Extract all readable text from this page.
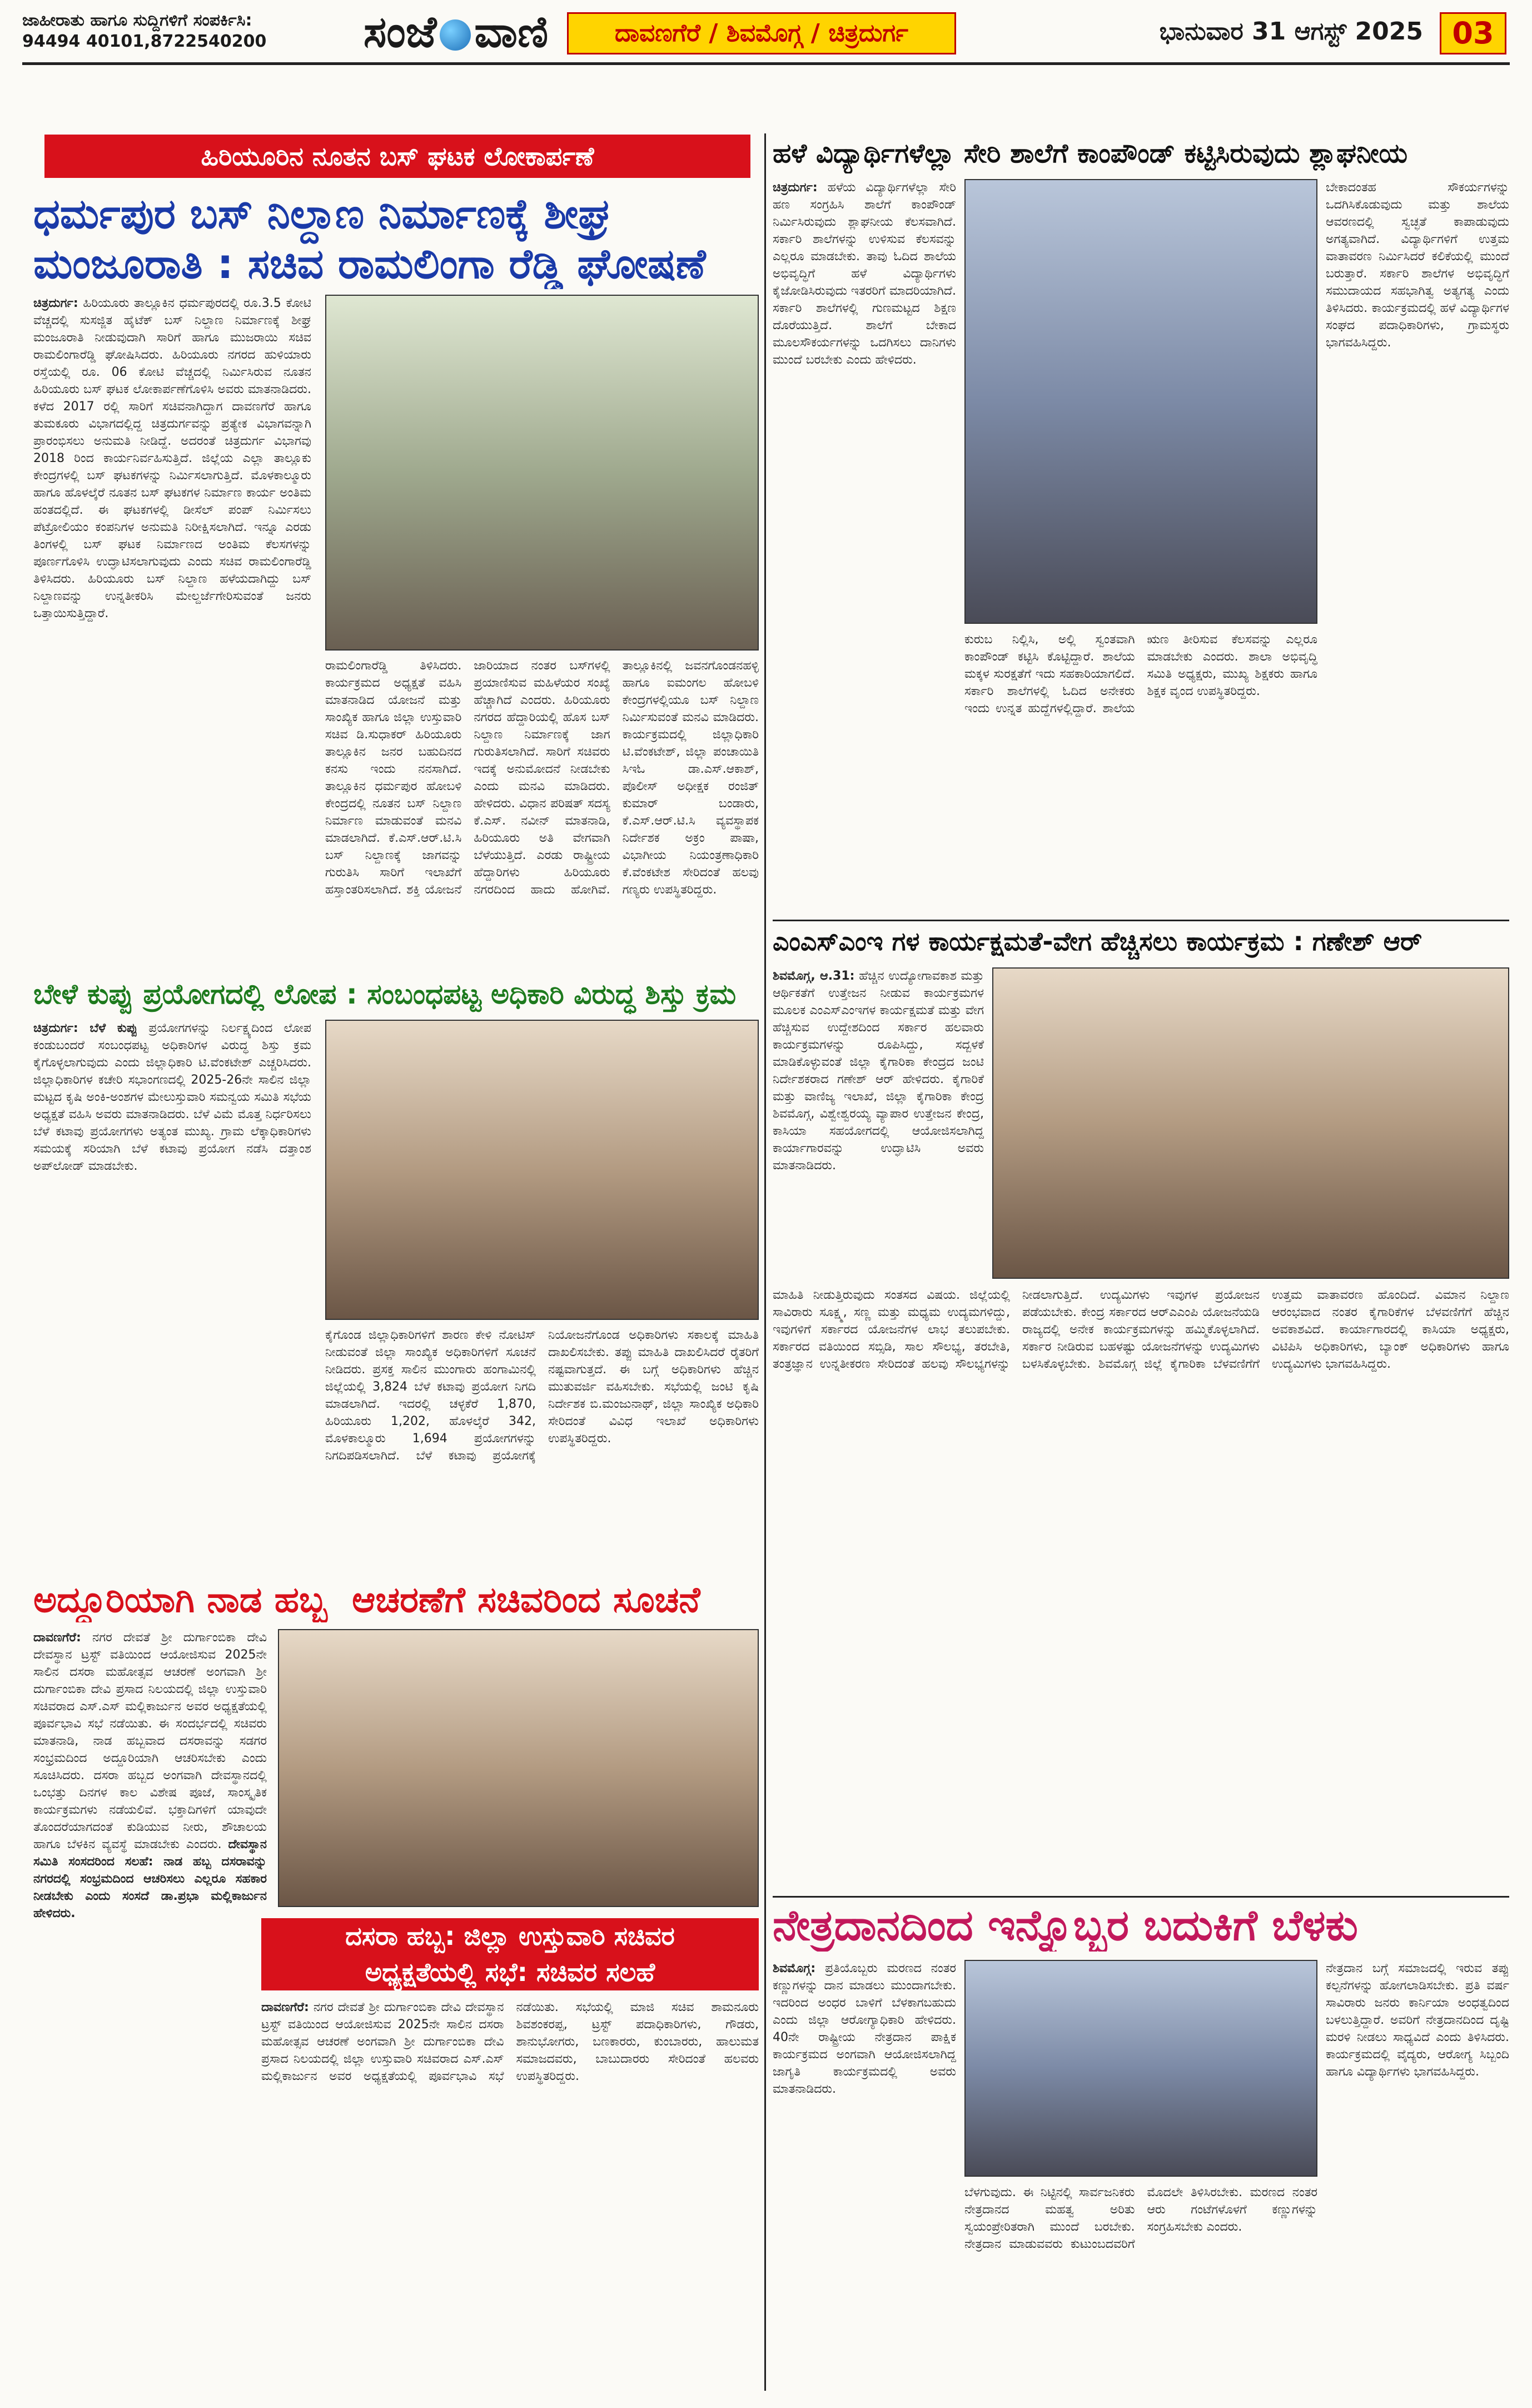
ಜಾಹೀರಾತು ಹಾಗೂ ಸುದ್ದಿಗಳಿಗೆ ಸಂಪರ್ಕಿಸಿ:
94494 40101,8722540200	ಸಂಜೆ ವಾಣಿ	ದಾವಣಗೆರೆ / ಶಿವಮೊಗ್ಗ / ಚಿತ್ರದುರ್ಗ	ಭಾನುವಾರ 31 ಆಗಸ್ಟ್ 2025 03
ಹಿರಿಯೂರಿನ ನೂತನ ಬಸ್ ಘಟಕ ಲೋಕಾರ್ಪಣೆ
ಧರ್ಮಪುರ ಬಸ್ ನಿಲ್ದಾಣ ನಿರ್ಮಾಣಕ್ಕೆ ಶೀಘ್ರ
ಮಂಜೂರಾತಿ : ಸಚಿವ ರಾಮಲಿಂಗಾ ರೆಡ್ಡಿ ಘೋಷಣೆ
ಚಿತ್ರದುರ್ಗ: ಹಿರಿಯೂರು ತಾಲ್ಲೂಕಿನ ಧರ್ಮಪುರದಲ್ಲಿ ರೂ.3.5 ಕೋಟಿ ವೆಚ್ಚದಲ್ಲಿ ಸುಸಜ್ಜಿತ ಹೈಟೆಕ್ ಬಸ್ ನಿಲ್ದಾಣ ನಿರ್ಮಾಣಕ್ಕೆ ಶೀಘ್ರ ಮಂಜೂರಾತಿ ನೀಡುವುದಾಗಿ ಸಾರಿಗೆ ಹಾಗೂ ಮುಜರಾಯಿ ಸಚಿವ ರಾಮಲಿಂಗಾರೆಡ್ಡಿ ಘೋಷಿಸಿದರು. ಹಿರಿಯೂರು ನಗರದ ಹುಳಿಯಾರು ರಸ್ತೆಯಲ್ಲಿ ರೂ. 06 ಕೋಟಿ ವೆಚ್ಚದಲ್ಲಿ ನಿರ್ಮಿಸಿರುವ ನೂತನ ಹಿರಿಯೂರು ಬಸ್ ಘಟಕ ಲೋಕಾರ್ಪಣೆಗೊಳಿಸಿ ಅವರು ಮಾತನಾಡಿದರು. ಕಳೆದ 2017 ರಲ್ಲಿ ಸಾರಿಗೆ ಸಚಿವನಾಗಿದ್ದಾಗ ದಾವಣಗೆರೆ ಹಾಗೂ ತುಮಕೂರು ವಿಭಾಗದಲ್ಲಿದ್ದ ಚಿತ್ರದುರ್ಗವನ್ನು ಪ್ರತ್ಯೇಕ ವಿಭಾಗವನ್ನಾಗಿ ಪ್ರಾರಂಭಿಸಲು ಅನುಮತಿ ನೀಡಿದ್ದೆ. ಅದರಂತೆ ಚಿತ್ರದುರ್ಗ ವಿಭಾಗವು 2018 ರಿಂದ ಕಾರ್ಯನಿರ್ವಹಿಸುತ್ತಿದೆ. ಜಿಲ್ಲೆಯ ಎಲ್ಲಾ ತಾಲ್ಲೂಕು ಕೇಂದ್ರಗಳಲ್ಲಿ ಬಸ್ ಘಟಕಗಳನ್ನು ನಿರ್ಮಿಸಲಾಗುತ್ತಿದೆ. ಮೊಳಕಾಲ್ಮೂರು ಹಾಗೂ ಹೊಳಲ್ಕೆರೆ ನೂತನ ಬಸ್ ಘಟಕಗಳ ನಿರ್ಮಾಣ ಕಾರ್ಯ ಅಂತಿಮ ಹಂತದಲ್ಲಿದೆ. ಈ ಘಟಕಗಳಲ್ಲಿ ಡೀಸೆಲ್ ಪಂಪ್ ನಿರ್ಮಿಸಲು ಪೆಟ್ರೋಲಿಯಂ ಕಂಪನಿಗಳ ಅನುಮತಿ ನಿರೀಕ್ಷಿಸಲಾಗಿದೆ. ಇನ್ನೂ ಎರಡು ತಿಂಗಳಲ್ಲಿ ಬಸ್ ಘಟಕ ನಿರ್ಮಾಣದ ಅಂತಿಮ ಕೆಲಸಗಳನ್ನು ಪೂರ್ಣಗೊಳಿಸಿ ಉದ್ಘಾಟಿಸಲಾಗುವುದು ಎಂದು ಸಚಿವ ರಾಮಲಿಂಗಾರೆಡ್ಡಿ ತಿಳಿಸಿದರು. ಹಿರಿಯೂರು ಬಸ್ ನಿಲ್ದಾಣ ಹಳೆಯದಾಗಿದ್ದು ಬಸ್ ನಿಲ್ದಾಣವನ್ನು ಉನ್ನತೀಕರಿಸಿ ಮೇಲ್ದರ್ಜೆಗೇರಿಸುವಂತೆ ಜನರು ಒತ್ತಾಯಿಸುತ್ತಿದ್ದಾರೆ.
ರಾಮಲಿಂಗಾರೆಡ್ಡಿ ತಿಳಿಸಿದರು. ಕಾರ್ಯಕ್ರಮದ ಅಧ್ಯಕ್ಷತೆ ವಹಿಸಿ ಮಾತನಾಡಿದ ಯೋಜನೆ ಮತ್ತು ಸಾಂಖ್ಯಿಕ ಹಾಗೂ ಜಿಲ್ಲಾ ಉಸ್ತುವಾರಿ ಸಚಿವ ಡಿ.ಸುಧಾಕರ್ ಹಿರಿಯೂರು ತಾಲ್ಲೂಕಿನ ಜನರ ಬಹುದಿನದ ಕನಸು ಇಂದು ನನಸಾಗಿದೆ. ತಾಲ್ಲೂಕಿನ ಧರ್ಮಪುರ ಹೋಬಳಿ ಕೇಂದ್ರದಲ್ಲಿ ನೂತನ ಬಸ್ ನಿಲ್ದಾಣ ನಿರ್ಮಾಣ ಮಾಡುವಂತೆ ಮನವಿ ಮಾಡಲಾಗಿದೆ. ಕೆ.ಎಸ್.ಆರ್.ಟಿ.ಸಿ ಬಸ್ ನಿಲ್ದಾಣಕ್ಕೆ ಜಾಗವನ್ನು ಗುರುತಿಸಿ ಸಾರಿಗೆ ಇಲಾಖೆಗೆ ಹಸ್ತಾಂತರಿಸಲಾಗಿದೆ. ಶಕ್ತಿ ಯೋಜನೆ ಜಾರಿಯಾದ ನಂತರ ಬಸ್‍ಗಳಲ್ಲಿ ಪ್ರಯಾಣಿಸುವ ಮಹಿಳೆಯರ ಸಂಖ್ಯೆ ಹೆಚ್ಚಾಗಿದೆ ಎಂದರು. ಹಿರಿಯೂರು ನಗರದ ಹೆದ್ದಾರಿಯಲ್ಲಿ ಹೊಸ ಬಸ್ ನಿಲ್ದಾಣ ನಿರ್ಮಾಣಕ್ಕೆ ಜಾಗ ಗುರುತಿಸಲಾಗಿದೆ. ಸಾರಿಗೆ ಸಚಿವರು ಇದಕ್ಕೆ ಅನುಮೋದನೆ ನೀಡಬೇಕು ಎಂದು ಮನವಿ ಮಾಡಿದರು. ಹೇಳಿದರು. ವಿಧಾನ ಪರಿಷತ್ ಸದಸ್ಯ ಕೆ.ಎಸ್. ನವೀನ್ ಮಾತನಾಡಿ, ಹಿರಿಯೂರು ಅತಿ ವೇಗವಾಗಿ ಬೆಳೆಯುತ್ತಿದೆ. ಎರಡು ರಾಷ್ಟ್ರೀಯ ಹೆದ್ದಾರಿಗಳು ಹಿರಿಯೂರು ನಗರದಿಂದ ಹಾದು ಹೋಗಿವೆ. ತಾಲ್ಲೂಕಿನಲ್ಲಿ ಜವನಗೊಂಡನಹಳ್ಳಿ ಹಾಗೂ ಐಮಂಗಲ ಹೋಬಳಿ ಕೇಂದ್ರಗಳಲ್ಲಿಯೂ ಬಸ್ ನಿಲ್ದಾಣ ನಿರ್ಮಿಸುವಂತೆ ಮನವಿ ಮಾಡಿದರು. ಕಾರ್ಯಕ್ರಮದಲ್ಲಿ ಜಿಲ್ಲಾಧಿಕಾರಿ ಟಿ.ವೆಂಕಟೇಶ್, ಜಿಲ್ಲಾ ಪಂಚಾಯಿತಿ ಸಿಇಓ ಡಾ.ಎಸ್.ಆಕಾಶ್, ಪೊಲೀಸ್ ಅಧೀಕ್ಷಕ ರಂಜಿತ್ ಕುಮಾರ್ ಬಂಡಾರು, ಕೆ.ಎಸ್.ಆರ್.ಟಿ.ಸಿ ವ್ಯವಸ್ಥಾಪಕ ನಿರ್ದೇಶಕ ಅಕ್ರಂ ಪಾಷಾ, ವಿಭಾಗೀಯ ನಿಯಂತ್ರಣಾಧಿಕಾರಿ ಕೆ.ವೆಂಕಟೇಶ ಸೇರಿದಂತೆ ಹಲವು ಗಣ್ಯರು ಉಪಸ್ಥಿತರಿದ್ದರು.
ಬೇಳೆ ಕುಪ್ಪು ಪ್ರಯೋಗದಲ್ಲಿ ಲೋಪ : ಸಂಬಂಧಪಟ್ಟ ಅಧಿಕಾರಿ ವಿರುದ್ಧ ಶಿಸ್ತು ಕ್ರಮ
ಚಿತ್ರದುರ್ಗ: ಬೆಳೆ ಕುಪ್ಪು ಪ್ರಯೋಗಗಳನ್ನು ನಿರ್ಲಕ್ಷ್ಯದಿಂದ ಲೋಪ ಕಂಡುಬಂದರೆ ಸಂಬಂಧಪಟ್ಟ ಅಧಿಕಾರಿಗಳ ವಿರುದ್ಧ ಶಿಸ್ತು ಕ್ರಮ ಕೈಗೊಳ್ಳಲಾಗುವುದು ಎಂದು ಜಿಲ್ಲಾಧಿಕಾರಿ ಟಿ.ವೆಂಕಟೇಶ್ ಎಚ್ಚರಿಸಿದರು. ಜಿಲ್ಲಾಧಿಕಾರಿಗಳ ಕಚೇರಿ ಸಭಾಂಗಣದಲ್ಲಿ 2025-26ನೇ ಸಾಲಿನ ಜಿಲ್ಲಾ ಮಟ್ಟದ ಕೃಷಿ ಅಂಕಿ-ಅಂಶಗಳ ಮೇಲುಸ್ತುವಾರಿ ಸಮನ್ವಯ ಸಮಿತಿ ಸಭೆಯ ಅಧ್ಯಕ್ಷತೆ ವಹಿಸಿ ಅವರು ಮಾತನಾಡಿದರು. ಬೆಳೆ ವಿಮೆ ಮೊತ್ತ ನಿರ್ಧರಿಸಲು ಬೆಳೆ ಕಟಾವು ಪ್ರಯೋಗಗಳು ಅತ್ಯಂತ ಮುಖ್ಯ. ಗ್ರಾಮ ಲೆಕ್ಕಾಧಿಕಾರಿಗಳು ಸಮಯಕ್ಕೆ ಸರಿಯಾಗಿ ಬೆಳೆ ಕಟಾವು ಪ್ರಯೋಗ ನಡೆಸಿ ದತ್ತಾಂಶ ಅಪ್‍ಲೋಡ್ ಮಾಡಬೇಕು.
ಕೈಗೊಂಡ ಜಿಲ್ಲಾಧಿಕಾರಿಗಳಿಗೆ ಶಾರಣ ಕೇಳಿ ನೋಟಿಸ್ ನೀಡುವಂತೆ ಜಿಲ್ಲಾ ಸಾಂಖ್ಯಿಕ ಅಧಿಕಾರಿಗಳಿಗೆ ಸೂಚನೆ ನೀಡಿದರು. ಪ್ರಸಕ್ತ ಸಾಲಿನ ಮುಂಗಾರು ಹಂಗಾಮಿನಲ್ಲಿ ಜಿಲ್ಲೆಯಲ್ಲಿ 3,824 ಬೆಳೆ ಕಟಾವು ಪ್ರಯೋಗ ನಿಗದಿ ಮಾಡಲಾಗಿದೆ. ಇದರಲ್ಲಿ ಚಳ್ಳಕೆರೆ 1,870, ಹಿರಿಯೂರು 1,202, ಹೊಳಲ್ಕೆರೆ 342, ಮೊಳಕಾಲ್ಮೂರು 1,694 ಪ್ರಯೋಗಗಳನ್ನು ನಿಗದಿಪಡಿಸಲಾಗಿದೆ. ಬೆಳೆ ಕಟಾವು ಪ್ರಯೋಗಕ್ಕೆ ನಿಯೋಜನೆಗೊಂಡ ಅಧಿಕಾರಿಗಳು ಸಕಾಲಕ್ಕೆ ಮಾಹಿತಿ ದಾಖಲಿಸಬೇಕು. ತಪ್ಪು ಮಾಹಿತಿ ದಾಖಲಿಸಿದರೆ ರೈತರಿಗೆ ನಷ್ಟವಾಗುತ್ತದೆ. ಈ ಬಗ್ಗೆ ಅಧಿಕಾರಿಗಳು ಹೆಚ್ಚಿನ ಮುತುವರ್ಜಿ ವಹಿಸಬೇಕು. ಸಭೆಯಲ್ಲಿ ಜಂಟಿ ಕೃಷಿ ನಿರ್ದೇಶಕ ಬಿ.ಮಂಜುನಾಥ್, ಜಿಲ್ಲಾ ಸಾಂಖ್ಯಿಕ ಅಧಿಕಾರಿ ಸೇರಿದಂತೆ ವಿವಿಧ ಇಲಾಖೆ ಅಧಿಕಾರಿಗಳು ಉಪಸ್ಥಿತರಿದ್ದರು.
ಅದ್ದೂರಿಯಾಗಿ ನಾಡ ಹಬ್ಬ ಆಚರಣೆಗೆ ಸಚಿವರಿಂದ ಸೂಚನೆ
ದಾವಣಗೆರೆ: ನಗರ ದೇವತೆ ಶ್ರೀ ದುರ್ಗಾಂಬಿಕಾ ದೇವಿ ದೇವಸ್ಥಾನ ಟ್ರಸ್ಟ್ ವತಿಯಿಂದ ಆಯೋಜಿಸುವ 2025ನೇ ಸಾಲಿನ ದಸರಾ ಮಹೋತ್ಸವ ಆಚರಣೆ ಅಂಗವಾಗಿ ಶ್ರೀ ದುರ್ಗಾಂಬಿಕಾ ದೇವಿ ಪ್ರಸಾದ ನಿಲಯದಲ್ಲಿ ಜಿಲ್ಲಾ ಉಸ್ತುವಾರಿ ಸಚಿವರಾದ ಎಸ್.ಎಸ್ ಮಲ್ಲಿಕಾರ್ಜುನ ಅವರ ಅಧ್ಯಕ್ಷತೆಯಲ್ಲಿ ಪೂರ್ವಭಾವಿ ಸಭೆ ನಡೆಯಿತು. ಈ ಸಂದರ್ಭದಲ್ಲಿ ಸಚಿವರು ಮಾತನಾಡಿ, ನಾಡ ಹಬ್ಬವಾದ ದಸರಾವನ್ನು ಸಡಗರ ಸಂಭ್ರಮದಿಂದ ಅದ್ದೂರಿಯಾಗಿ ಆಚರಿಸಬೇಕು ಎಂದು ಸೂಚಿಸಿದರು. ದಸರಾ ಹಬ್ಬದ ಅಂಗವಾಗಿ ದೇವಸ್ಥಾನದಲ್ಲಿ ಒಂಭತ್ತು ದಿನಗಳ ಕಾಲ ವಿಶೇಷ ಪೂಜೆ, ಸಾಂಸ್ಕೃತಿಕ ಕಾರ್ಯಕ್ರಮಗಳು ನಡೆಯಲಿವೆ. ಭಕ್ತಾದಿಗಳಿಗೆ ಯಾವುದೇ ತೊಂದರೆಯಾಗದಂತೆ ಕುಡಿಯುವ ನೀರು, ಶೌಚಾಲಯ ಹಾಗೂ ಬೆಳಕಿನ ವ್ಯವಸ್ಥೆ ಮಾಡಬೇಕು ಎಂದರು. ದೇವಸ್ಥಾನ ಸಮಿತಿ ಸಂಸದರಿಂದ ಸಲಹೆ: ನಾಡ ಹಬ್ಬ ದಸರಾವನ್ನು ನಗರದಲ್ಲಿ ಸಂಭ್ರಮದಿಂದ ಆಚರಿಸಲು ಎಲ್ಲರೂ ಸಹಕಾರ ನೀಡಬೇಕು ಎಂದು ಸಂಸದೆ ಡಾ.ಪ್ರಭಾ ಮಲ್ಲಿಕಾರ್ಜುನ ಹೇಳಿದರು.
ದಸರಾ ಹಬ್ಬ: ಜಿಲ್ಲಾ ಉಸ್ತುವಾರಿ ಸಚಿವರ
ಅಧ್ಯಕ್ಷತೆಯಲ್ಲಿ ಸಭೆ: ಸಚಿವರ ಸಲಹೆ
ದಾವಣಗೆರೆ: ನಗರ ದೇವತೆ ಶ್ರೀ ದುರ್ಗಾಂಬಿಕಾ ದೇವಿ ದೇವಸ್ಥಾನ ಟ್ರಸ್ಟ್ ವತಿಯಿಂದ ಆಯೋಜಿಸುವ 2025ನೇ ಸಾಲಿನ ದಸರಾ ಮಹೋತ್ಸವ ಆಚರಣೆ ಅಂಗವಾಗಿ ಶ್ರೀ ದುರ್ಗಾಂಬಿಕಾ ದೇವಿ ಪ್ರಸಾದ ನಿಲಯದಲ್ಲಿ ಜಿಲ್ಲಾ ಉಸ್ತುವಾರಿ ಸಚಿವರಾದ ಎಸ್.ಎಸ್ ಮಲ್ಲಿಕಾರ್ಜುನ ಅವರ ಅಧ್ಯಕ್ಷತೆಯಲ್ಲಿ ಪೂರ್ವಭಾವಿ ಸಭೆ ನಡೆಯಿತು. ಸಭೆಯಲ್ಲಿ ಮಾಜಿ ಸಚಿವ ಶಾಮನೂರು ಶಿವಶಂಕರಪ್ಪ, ಟ್ರಸ್ಟ್ ಪದಾಧಿಕಾರಿಗಳು, ಗೌಡರು, ಶಾನುಭೋಗರು, ಬಣಕಾರರು, ಕುಂಬಾರರು, ಹಾಲುಮತ ಸಮಾಜದವರು, ಬಾಬುದಾರರು ಸೇರಿದಂತೆ ಹಲವರು ಉಪಸ್ಥಿತರಿದ್ದರು.
ಹಳೆ ವಿದ್ಯಾರ್ಥಿಗಳೆಲ್ಲಾ ಸೇರಿ ಶಾಲೆಗೆ ಕಾಂಪೌಂಡ್ ಕಟ್ಟಿಸಿರುವುದು ಶ್ಲಾಘನೀಯ
ಚಿತ್ರದುರ್ಗ: ಹಳೆಯ ವಿದ್ಯಾರ್ಥಿಗಳೆಲ್ಲಾ ಸೇರಿ ಹಣ ಸಂಗ್ರಹಿಸಿ ಶಾಲೆಗೆ ಕಾಂಪೌಂಡ್ ನಿರ್ಮಿಸಿರುವುದು ಶ್ಲಾಘನೀಯ ಕೆಲಸವಾಗಿದೆ. ಸರ್ಕಾರಿ ಶಾಲೆಗಳನ್ನು ಉಳಿಸುವ ಕೆಲಸವನ್ನು ಎಲ್ಲರೂ ಮಾಡಬೇಕು. ತಾವು ಓದಿದ ಶಾಲೆಯ ಅಭಿವೃದ್ಧಿಗೆ ಹಳೆ ವಿದ್ಯಾರ್ಥಿಗಳು ಕೈಜೋಡಿಸಿರುವುದು ಇತರರಿಗೆ ಮಾದರಿಯಾಗಿದೆ. ಸರ್ಕಾರಿ ಶಾಲೆಗಳಲ್ಲಿ ಗುಣಮಟ್ಟದ ಶಿಕ್ಷಣ ದೊರೆಯುತ್ತಿದೆ. ಶಾಲೆಗೆ ಬೇಕಾದ ಮೂಲಸೌಕರ್ಯಗಳನ್ನು ಒದಗಿಸಲು ದಾನಿಗಳು ಮುಂದೆ ಬರಬೇಕು ಎಂದು ಹೇಳಿದರು.
ಕುರುಬ ನಿಲ್ಲಿಸಿ, ಅಲ್ಲಿ ಸ್ವಂತವಾಗಿ ಕಾಂಪೌಂಡ್ ಕಟ್ಟಿಸಿ ಕೊಟ್ಟಿದ್ದಾರೆ. ಶಾಲೆಯ ಮಕ್ಕಳ ಸುರಕ್ಷತೆಗೆ ಇದು ಸಹಕಾರಿಯಾಗಲಿದೆ. ಸರ್ಕಾರಿ ಶಾಲೆಗಳಲ್ಲಿ ಓದಿದ ಅನೇಕರು ಇಂದು ಉನ್ನತ ಹುದ್ದೆಗಳಲ್ಲಿದ್ದಾರೆ. ಶಾಲೆಯ ಋಣ ತೀರಿಸುವ ಕೆಲಸವನ್ನು ಎಲ್ಲರೂ ಮಾಡಬೇಕು ಎಂದರು. ಶಾಲಾ ಅಭಿವೃದ್ಧಿ ಸಮಿತಿ ಅಧ್ಯಕ್ಷರು, ಮುಖ್ಯ ಶಿಕ್ಷಕರು ಹಾಗೂ ಶಿಕ್ಷಕ ವೃಂದ ಉಪಸ್ಥಿತರಿದ್ದರು.
ಬೇಕಾದಂತಹ ಸೌಕರ್ಯಗಳನ್ನು ಒದಗಿಸಿಕೊಡುವುದು ಮತ್ತು ಶಾಲೆಯ ಆವರಣದಲ್ಲಿ ಸ್ವಚ್ಛತೆ ಕಾಪಾಡುವುದು ಅಗತ್ಯವಾಗಿದೆ. ವಿದ್ಯಾರ್ಥಿಗಳಿಗೆ ಉತ್ತಮ ವಾತಾವರಣ ನಿರ್ಮಿಸಿದರೆ ಕಲಿಕೆಯಲ್ಲಿ ಮುಂದೆ ಬರುತ್ತಾರೆ. ಸರ್ಕಾರಿ ಶಾಲೆಗಳ ಅಭಿವೃದ್ಧಿಗೆ ಸಮುದಾಯದ ಸಹಭಾಗಿತ್ವ ಅತ್ಯಗತ್ಯ ಎಂದು ತಿಳಿಸಿದರು. ಕಾರ್ಯಕ್ರಮದಲ್ಲಿ ಹಳೆ ವಿದ್ಯಾರ್ಥಿಗಳ ಸಂಘದ ಪದಾಧಿಕಾರಿಗಳು, ಗ್ರಾಮಸ್ಥರು ಭಾಗವಹಿಸಿದ್ದರು.
ಎಂಎಸ್ಎಂಇ ಗಳ ಕಾರ್ಯಕ್ಷಮತೆ-ವೇಗ ಹೆಚ್ಚಿಸಲು ಕಾರ್ಯಕ್ರಮ : ಗಣೇಶ್ ಆರ್
ಶಿವಮೊಗ್ಗ, ಆ.31: ಹೆಚ್ಚಿನ ಉದ್ಯೋಗಾವಕಾಶ ಮತ್ತು ಆರ್ಥಿಕತೆಗೆ ಉತ್ತೇಜನ ನೀಡುವ ಕಾರ್ಯಕ್ರಮಗಳ ಮೂಲಕ ಎಂಎಸ್ಎಂಇಗಳ ಕಾರ್ಯಕ್ಷಮತೆ ಮತ್ತು ವೇಗ ಹೆಚ್ಚಿಸುವ ಉದ್ದೇಶದಿಂದ ಸರ್ಕಾರ ಹಲವಾರು ಕಾರ್ಯಕ್ರಮಗಳನ್ನು ರೂಪಿಸಿದ್ದು, ಸದ್ಬಳಕೆ ಮಾಡಿಕೊಳ್ಳುವಂತೆ ಜಿಲ್ಲಾ ಕೈಗಾರಿಕಾ ಕೇಂದ್ರದ ಜಂಟಿ ನಿರ್ದೇಶಕರಾದ ಗಣೇಶ್ ಆರ್ ಹೇಳಿದರು. ಕೈಗಾರಿಕೆ ಮತ್ತು ವಾಣಿಜ್ಯ ಇಲಾಖೆ, ಜಿಲ್ಲಾ ಕೈಗಾರಿಕಾ ಕೇಂದ್ರ ಶಿವಮೊಗ್ಗ, ವಿಶ್ವೇಶ್ವರಯ್ಯ ವ್ಯಾಪಾರ ಉತ್ತೇಜನ ಕೇಂದ್ರ, ಕಾಸಿಯಾ ಸಹಯೋಗದಲ್ಲಿ ಆಯೋಜಿಸಲಾಗಿದ್ದ ಕಾರ್ಯಾಗಾರವನ್ನು ಉದ್ಘಾಟಿಸಿ ಅವರು ಮಾತನಾಡಿದರು.
ಮಾಹಿತಿ ನೀಡುತ್ತಿರುವುದು ಸಂತಸದ ವಿಷಯ. ಜಿಲ್ಲೆಯಲ್ಲಿ ಸಾವಿರಾರು ಸೂಕ್ಷ್ಮ, ಸಣ್ಣ ಮತ್ತು ಮಧ್ಯಮ ಉದ್ಯಮಗಳಿದ್ದು, ಇವುಗಳಿಗೆ ಸರ್ಕಾರದ ಯೋಜನೆಗಳ ಲಾಭ ತಲುಪಬೇಕು. ಸರ್ಕಾರದ ವತಿಯಿಂದ ಸಬ್ಸಿಡಿ, ಸಾಲ ಸೌಲಭ್ಯ, ತರಬೇತಿ, ತಂತ್ರಜ್ಞಾನ ಉನ್ನತೀಕರಣ ಸೇರಿದಂತೆ ಹಲವು ಸೌಲಭ್ಯಗಳನ್ನು ನೀಡಲಾಗುತ್ತಿದೆ. ಉದ್ಯಮಿಗಳು ಇವುಗಳ ಪ್ರಯೋಜನ ಪಡೆಯಬೇಕು. ಕೇಂದ್ರ ಸರ್ಕಾರದ ಆರ್‍ಎಎಂಪಿ ಯೋಜನೆಯಡಿ ರಾಜ್ಯದಲ್ಲಿ ಅನೇಕ ಕಾರ್ಯಕ್ರಮಗಳನ್ನು ಹಮ್ಮಿಕೊಳ್ಳಲಾಗಿದೆ. ಸರ್ಕಾರ ನೀಡಿರುವ ಬಹಳಷ್ಟು ಯೋಜನೆಗಳನ್ನು ಉದ್ಯಮಿಗಳು ಬಳಸಿಕೊಳ್ಳಬೇಕು. ಶಿವಮೊಗ್ಗ ಜಿಲ್ಲೆ ಕೈಗಾರಿಕಾ ಬೆಳವಣಿಗೆಗೆ ಉತ್ತಮ ವಾತಾವರಣ ಹೊಂದಿದೆ. ವಿಮಾನ ನಿಲ್ದಾಣ ಆರಂಭವಾದ ನಂತರ ಕೈಗಾರಿಕೆಗಳ ಬೆಳವಣಿಗೆಗೆ ಹೆಚ್ಚಿನ ಅವಕಾಶವಿದೆ. ಕಾರ್ಯಾಗಾರದಲ್ಲಿ ಕಾಸಿಯಾ ಅಧ್ಯಕ್ಷರು, ವಿಟಿಪಿಸಿ ಅಧಿಕಾರಿಗಳು, ಬ್ಯಾಂಕ್ ಅಧಿಕಾರಿಗಳು ಹಾಗೂ ಉದ್ಯಮಿಗಳು ಭಾಗವಹಿಸಿದ್ದರು.
ನೇತ್ರದಾನದಿಂದ ಇನ್ನೊಬ್ಬರ ಬದುಕಿಗೆ ಬೆಳಕು
ಶಿವಮೊಗ್ಗ: ಪ್ರತಿಯೊಬ್ಬರು ಮರಣದ ನಂತರ ಕಣ್ಣುಗಳನ್ನು ದಾನ ಮಾಡಲು ಮುಂದಾಗಬೇಕು. ಇದರಿಂದ ಅಂಧರ ಬಾಳಿಗೆ ಬೆಳಕಾಗಬಹುದು ಎಂದು ಜಿಲ್ಲಾ ಆರೋಗ್ಯಾಧಿಕಾರಿ ಹೇಳಿದರು. 40ನೇ ರಾಷ್ಟ್ರೀಯ ನೇತ್ರದಾನ ಪಾಕ್ಷಿಕ ಕಾರ್ಯಕ್ರಮದ ಅಂಗವಾಗಿ ಆಯೋಜಿಸಲಾಗಿದ್ದ ಜಾಗೃತಿ ಕಾರ್ಯಕ್ರಮದಲ್ಲಿ ಅವರು ಮಾತನಾಡಿದರು.
ಬೆಳಗುವುದು. ಈ ನಿಟ್ಟಿನಲ್ಲಿ ಸಾರ್ವಜನಿಕರು ನೇತ್ರದಾನದ ಮಹತ್ವ ಅರಿತು ಸ್ವಯಂಪ್ರೇರಿತರಾಗಿ ಮುಂದೆ ಬರಬೇಕು. ನೇತ್ರದಾನ ಮಾಡುವವರು ಕುಟುಂಬದವರಿಗೆ ಮೊದಲೇ ತಿಳಿಸಿರಬೇಕು. ಮರಣದ ನಂತರ ಆರು ಗಂಟೆಗಳೊಳಗೆ ಕಣ್ಣುಗಳನ್ನು ಸಂಗ್ರಹಿಸಬೇಕು ಎಂದರು.
ನೇತ್ರದಾನ ಬಗ್ಗೆ ಸಮಾಜದಲ್ಲಿ ಇರುವ ತಪ್ಪು ಕಲ್ಪನೆಗಳನ್ನು ಹೋಗಲಾಡಿಸಬೇಕು. ಪ್ರತಿ ವರ್ಷ ಸಾವಿರಾರು ಜನರು ಕಾರ್ನಿಯಾ ಅಂಧತ್ವದಿಂದ ಬಳಲುತ್ತಿದ್ದಾರೆ. ಅವರಿಗೆ ನೇತ್ರದಾನದಿಂದ ದೃಷ್ಟಿ ಮರಳಿ ನೀಡಲು ಸಾಧ್ಯವಿದೆ ಎಂದು ತಿಳಿಸಿದರು. ಕಾರ್ಯಕ್ರಮದಲ್ಲಿ ವೈದ್ಯರು, ಆರೋಗ್ಯ ಸಿಬ್ಬಂದಿ ಹಾಗೂ ವಿದ್ಯಾರ್ಥಿಗಳು ಭಾಗವಹಿಸಿದ್ದರು.
